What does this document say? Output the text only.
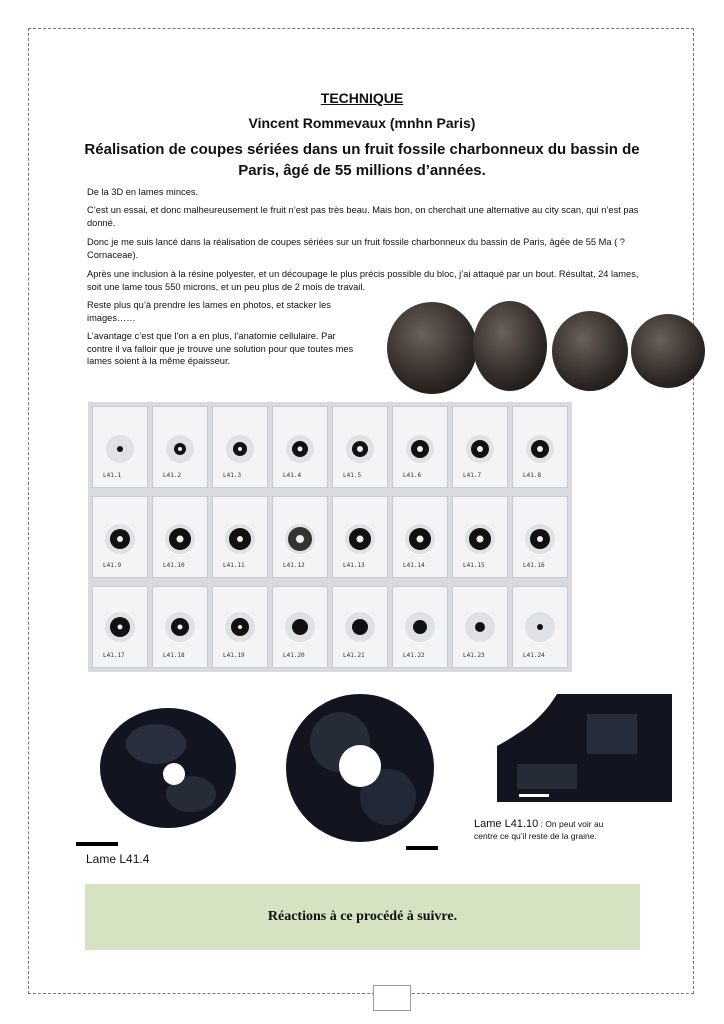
TECHNIQUE
Vincent Rommevaux (mnhn Paris)
Réalisation de coupes sériées dans un fruit fossile charbonneux du bassin de Paris, âgé de 55 millions d’années.

De la 3D en lames minces.

C’est un essai, et donc malheureusement le fruit n’est pas très beau. Mais bon, on cherchait une alternative au city scan, qui n’est pas donné.

Donc je me suis lancé dans la réalisation de coupes sériées sur un fruit fossile charbonneux du bassin de Paris, âgée de 55 Ma ( ?Cornaceae).

Après une inclusion à la résine polyester, et un découpage le plus précis possible du bloc, j’ai attaqué par un bout. Résultat, 24 lames, soit une lame tous 550 microns, et un peu plus de 2 mois de travail.

Reste plus qu’à prendre les lames en photos, et stacker les images……

L’avantage c’est que l’on a en plus, l’anatomie cellulaire. Par contre il va falloir que je trouve une solution pour que toutes mes lames soient à la même épaisseur.

L41.1	L41.2	L41.3	L41.4	L41.5	L41.6	L41.7	L41.8
L41.9	L41.10	L41.11	L41.12	L41.13	L41.14	L41.15	L41.16
L41.17	L41.18	L41.19	L41.20	L41.21	L41.22	L41.23	L41.24
Lame L41.4
Lame L41.10 : On peut voir au centre ce qu’il reste de la graine.
Réactions à ce procédé à suivre.
